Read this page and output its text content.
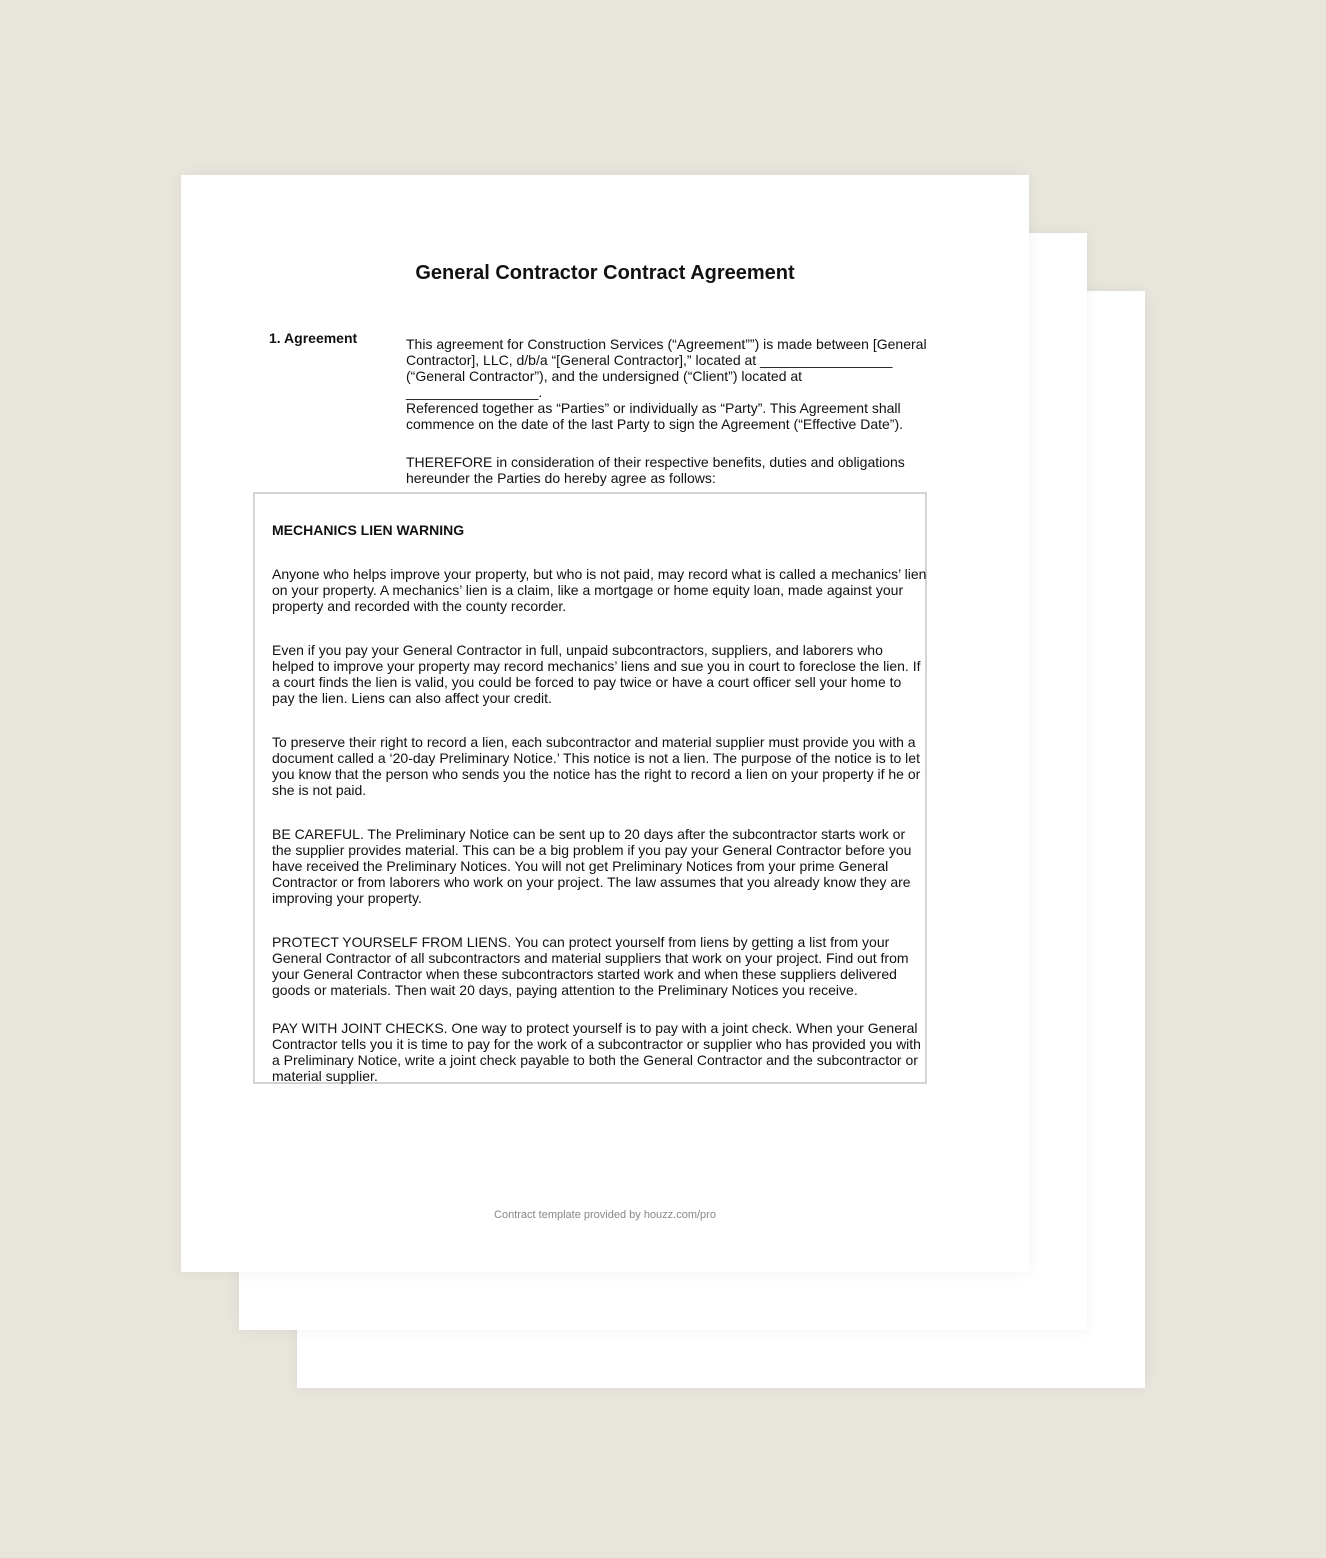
General Contractor Contract Agreement
1. Agreement	This agreement for Construction Services (“Agreement””) is made between [General
Contractor], LLC, d/b/a “[General Contractor],” located at _________________
(“General Contractor”), and the undersigned (“Client”) located at _________________.
Referenced together as “Parties” or individually as “Party”. This Agreement shall
commence on the date of the last Party to sign the Agreement (“Effective Date”).

THEREFORE in consideration of their respective benefits, duties and obligations
hereunder the Parties do hereby agree as follows:

MECHANICS LIEN WARNING
Anyone who helps improve your property, but who is not paid, may record what is called a mechanics’ lien on your property. A mechanics’ lien is a claim, like a mortgage or home equity loan, made against your property and recorded with the county recorder.
Even if you pay your General Contractor in full, unpaid subcontractors, suppliers, and laborers who helped to improve your property may record mechanics’ liens and sue you in court to foreclose the lien. If a court finds the lien is valid, you could be forced to pay twice or have a court officer sell your home to pay the lien. Liens can also affect your credit.
To preserve their right to record a lien, each subcontractor and material supplier must provide you with a document called a ‘20-day Preliminary Notice.’ This notice is not a lien. The purpose of the notice is to let you know that the person who sends you the notice has the right to record a lien on your property if he or she is not paid.
BE CAREFUL. The Preliminary Notice can be sent up to 20 days after the subcontractor starts work or the supplier provides material. This can be a big problem if you pay your General Contractor before you have received the Preliminary Notices. You will not get Preliminary Notices from your prime General Contractor or from laborers who work on your project. The law assumes that you already know they are improving your property.
PROTECT YOURSELF FROM LIENS. You can protect yourself from liens by getting a list from your General Contractor of all subcontractors and material suppliers that work on your project. Find out from your General Contractor when these subcontractors started work and when these suppliers delivered goods or materials. Then wait 20 days, paying attention to the Preliminary Notices you receive.
PAY WITH JOINT CHECKS. One way to protect yourself is to pay with a joint check. When your General Contractor tells you it is time to pay for the work of a subcontractor or supplier who has provided you with a Preliminary Notice, write a joint check payable to both the General Contractor and the subcontractor or material supplier.
Contract template provided by houzz.com/pro
